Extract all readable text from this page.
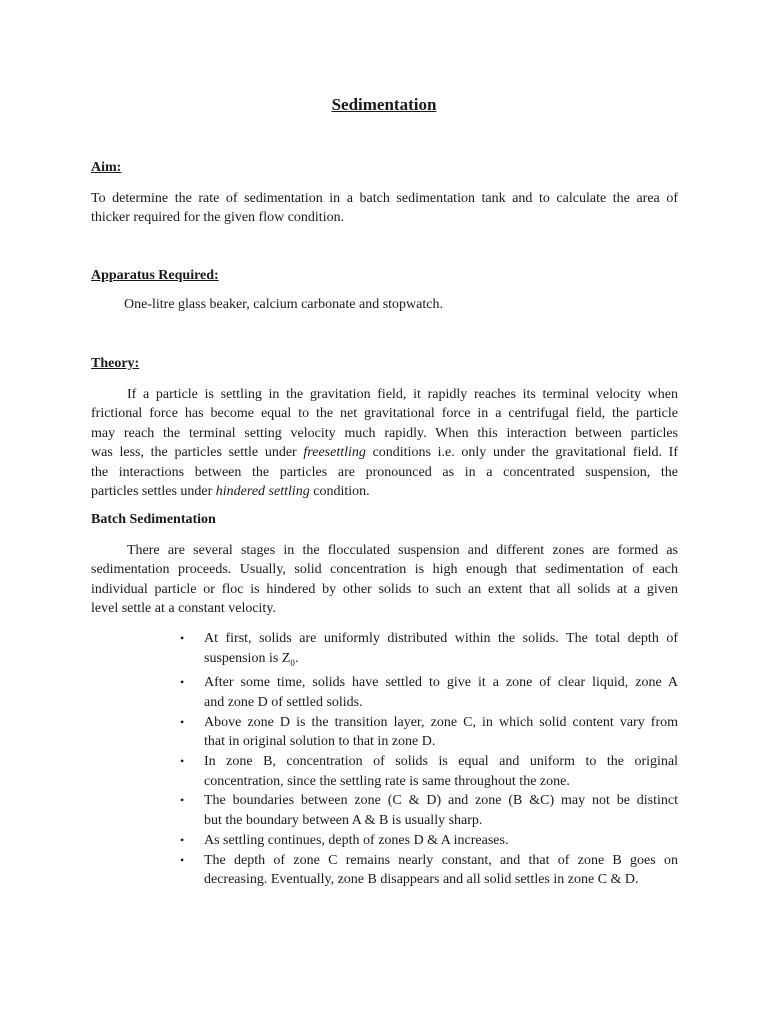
Sedimentation
Aim:
To determine the rate of sedimentation in a batch sedimentation tank and to calculate the area of
thicker required for the given flow condition.
Apparatus Required:
One-litre glass beaker, calcium carbonate and stopwatch.
Theory:
If a particle is settling in the gravitation field, it rapidly reaches its terminal velocity when
frictional force has become equal to the net gravitational force in a centrifugal field, the particle
may reach the terminal setting velocity much rapidly. When this interaction between particles
was less, the particles settle under freesettling conditions i.e. only under the gravitational field. If
the interactions between the particles are pronounced as in a concentrated suspension, the
particles settles under hindered settling condition.
Batch Sedimentation
There are several stages in the flocculated suspension and different zones are formed as
sedimentation proceeds. Usually, solid concentration is high enough that sedimentation of each
individual particle or floc is hindered by other solids to such an extent that all solids at a given
level settle at a constant velocity.
• At first, solids are uniformly distributed within the solids. The total depth of
suspension is $Z_0$.
• After some time, solids have settled to give it a zone of clear liquid, zone A
and zone D of settled solids.
• Above zone D is the transition layer, zone C, in which solid content vary from
that in original solution to that in zone D.
• In zone B, concentration of solids is equal and uniform to the original
concentration, since the settling rate is same throughout the zone.
• The boundaries between zone (C & D) and zone (B &C) may not be distinct
but the boundary between A & B is usually sharp.
• As settling continues, depth of zones D & A increases.
• The depth of zone C remains nearly constant, and that of zone B goes on
decreasing. Eventually, zone B disappears and all solid settles in zone C & D.
